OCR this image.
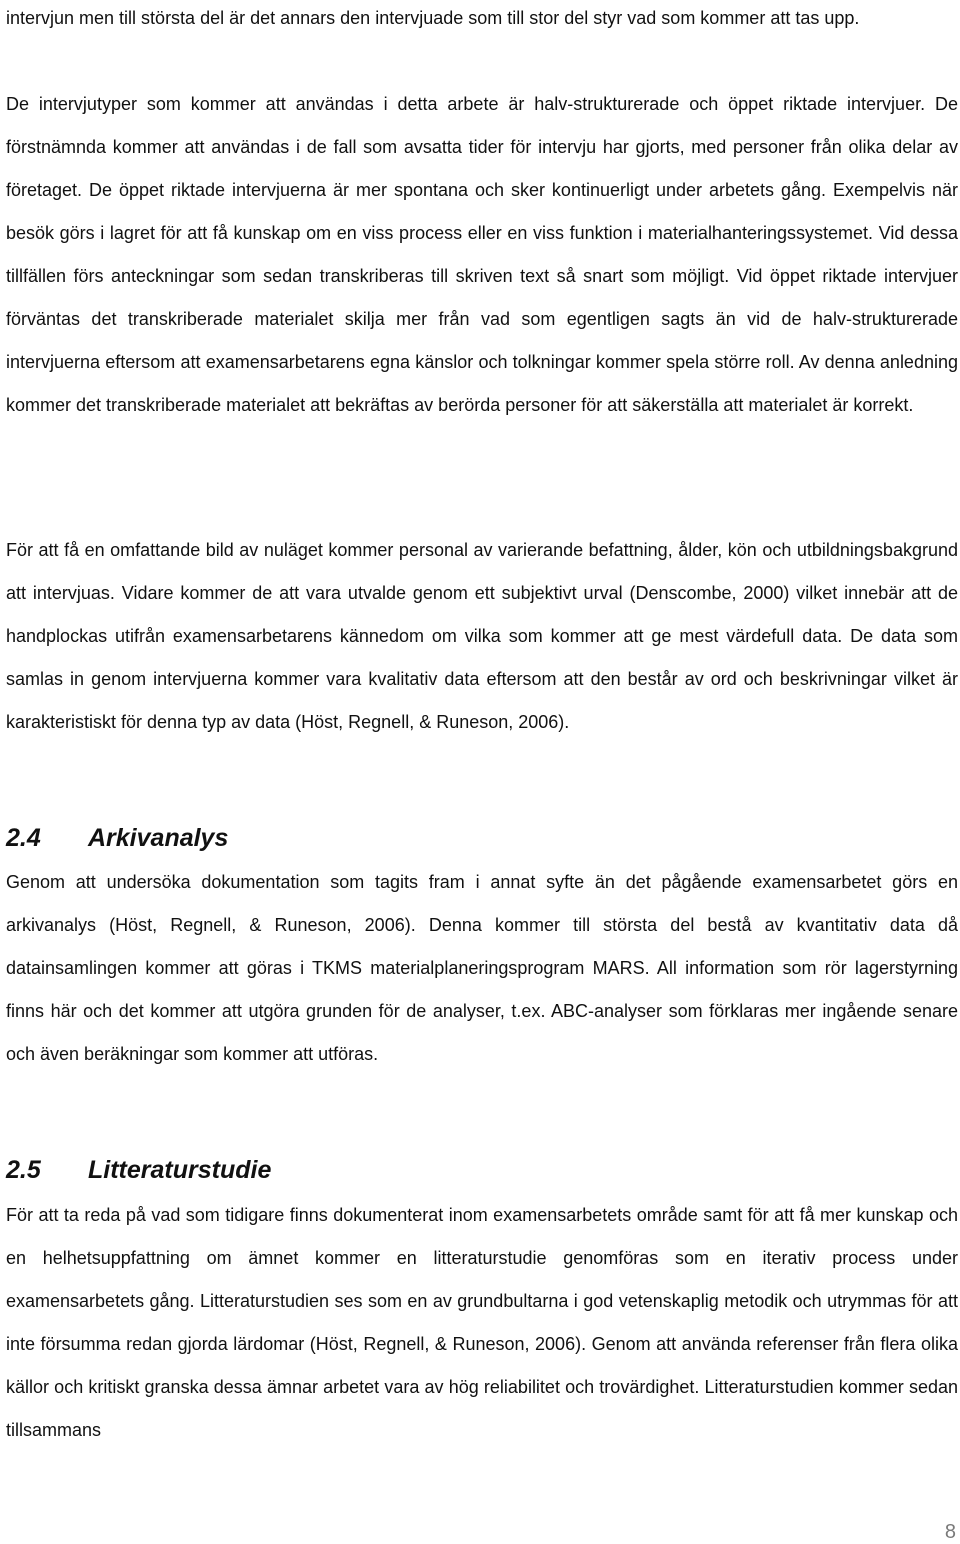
intervjun men till största del är det annars den intervjuade som till stor del styr vad som kommer att tas upp.

De intervjutyper som kommer att användas i detta arbete är halv-strukturerade och öppet riktade intervjuer. De förstnämnda kommer att användas i de fall som avsatta tider för intervju har gjorts, med personer från olika delar av företaget. De öppet riktade intervjuerna är mer spontana och sker kontinuerligt under arbetets gång. Exempelvis när besök görs i lagret för att få kunskap om en viss process eller en viss funktion i materialhanteringssystemet. Vid dessa tillfällen förs anteckningar som sedan transkriberas till skriven text så snart som möjligt. Vid öppet riktade intervjuer förväntas det transkriberade materialet skilja mer från vad som egentligen sagts än vid de halv-strukturerade intervjuerna eftersom att examensarbetarens egna känslor och tolkningar kommer spela större roll. Av denna anledning kommer det transkriberade materialet att bekräftas av berörda personer för att säkerställa att materialet är korrekt.

För att få en omfattande bild av nuläget kommer personal av varierande befattning, ålder, kön och utbildningsbakgrund att intervjuas. Vidare kommer de att vara utvalde genom ett subjektivt urval (Denscombe, 2000) vilket innebär att de handplockas utifrån examensarbetarens kännedom om vilka som kommer att ge mest värdefull data. De data som samlas in genom intervjuerna kommer vara kvalitativ data eftersom att den består av ord och beskrivningar vilket är karakteristiskt för denna typ av data (Höst, Regnell, & Runeson, 2006).

2.4	Arkivanalys

Genom att undersöka dokumentation som tagits fram i annat syfte än det pågående examensarbetet görs en arkivanalys (Höst, Regnell, & Runeson, 2006). Denna kommer till största del bestå av kvantitativ data då datainsamlingen kommer att göras i TKMS materialplaneringsprogram MARS. All information som rör lagerstyrning finns här och det kommer att utgöra grunden för de analyser, t.ex. ABC-analyser som förklaras mer ingående senare och även beräkningar som kommer att utföras.

2.5	Litteraturstudie

För att ta reda på vad som tidigare finns dokumenterat inom examensarbetets område samt för att få mer kunskap och en helhetsuppfattning om ämnet kommer en litteraturstudie genomföras som en iterativ process under examensarbetets gång. Litteraturstudien ses som en av grundbultarna i god vetenskaplig metodik och utrymmas för att inte försumma redan gjorda lärdomar (Höst, Regnell, & Runeson, 2006). Genom att använda referenser från flera olika källor och kritiskt granska dessa ämnar arbetet vara av hög reliabilitet och trovärdighet. Litteraturstudien kommer sedan tillsammans

8
